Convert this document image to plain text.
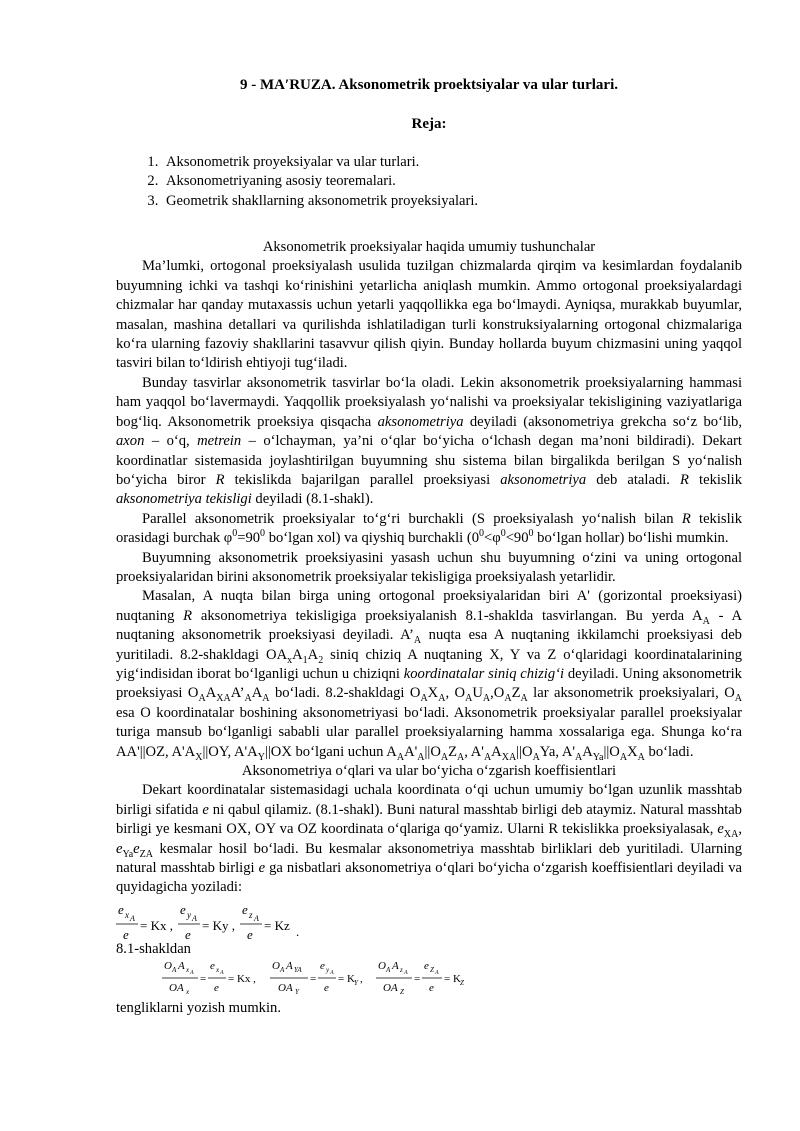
9 - MAʹRUZA. Aksonometrik proektsiyalar va ular turlari.
Reja:
1. Aksonometrik proyeksiyalar va ular turlari.
2. Aksonometriyaning asosiy teoremalari.
3. Geometrik shakllarning aksonometrik proyeksiyalari.
Aksonometrik proeksiyalar haqida umumiy tushunchalar

Ma’lumki, ortogonal proeksiyalash usulida tuzilgan chizmalarda qirqim va kesimlardan foydalanib buyumning ichki va tashqi ko‘rinishini yetarlicha aniqlash mumkin. Ammo ortogonal proeksiyalardagi chizmalar har qanday mutaxassis uchun yetarli yaqqollikka ega bo‘lmaydi. Ayniqsa, murakkab buyumlar, masalan, mashina detallari va qurilishda ishlatiladigan turli konstruksiyalarning ortogonal chizmalariga ko‘ra ularning fazoviy shakllarini tasavvur qilish qiyin. Bunday hollarda buyum chizmasini uning yaqqol tasviri bilan to‘ldirish ehtiyoji tug‘iladi.

Bunday tasvirlar aksonometrik tasvirlar bo‘la oladi. Lekin aksonometrik proeksiyalarning hammasi ham yaqqol bo‘lavermaydi. Yaqqollik proeksiyalash yo‘nalishi va proeksiyalar tekisligining vaziyatlariga bog‘liq. Aksonometrik proeksiya qisqacha aksonometriya deyiladi (aksonometriya grekcha so‘z bo‘lib, axon – o‘q, metrein – o‘lchayman, ya’ni o‘qlar bo‘yicha o‘lchash degan ma’noni bildiradi). Dekart koordinatlar sistemasida joylashtirilgan buyumning shu sistema bilan birgalikda berilgan S yo‘nalish bo‘yicha biror R tekislikda bajarilgan parallel proeksiyasi aksonometriya deb ataladi. R tekislik aksonometriya tekisligi deyiladi (8.1-shakl).

Parallel aksonometrik proeksiyalar to‘g‘ri burchakli (S proeksiyalash yo‘nalish bilan R tekislik orasidagi burchak $\varphi^0=90^0$ bo‘lgan xol) va qiyshiq burchakli ($0^0<\varphi^0<90^0$ bo‘lgan hollar) bo‘lishi mumkin.

Buyumning aksonometrik proeksiyasini yasash uchun shu buyumning o‘zini va uning ortogonal proeksiyalaridan birini aksonometrik proeksiyalar tekisligiga proeksiyalash yetarlidir.

Masalan, A nuqta bilan birga uning ortogonal proeksiyalaridan biri A' (gorizontal proeksiyasi) nuqtaning R aksonometriya tekisligiga proeksiyalanish 8.1-shaklda tasvirlangan. Bu yerda $A_A$ - A nuqtaning aksonometrik proeksiyasi deyiladi. $A’_A$ nuqta esa A nuqtaning ikkilamchi proeksiyasi deb yuritiladi. 8.2-shakldagi $OA_xA_1A_2$ siniq chiziq A nuqtaning X, Y va Z o‘qlaridagi koordinatalarining yig‘indisidan iborat bo‘lganligi uchun u chiziqni koordinatalar siniq chizig‘i deyiladi. Uning aksonometrik proeksiyasi $O_AA_{XA}A’_AA_A$ bo‘ladi. 8.2-shakldagi $O_AX_A$, $O_AU_A,O_AZ_A$ lar aksonometrik proeksiyalari, $O_A$ esa O koordinatalar boshining aksonometriyasi bo‘ladi. Aksonometrik proeksiyalar parallel proeksiyalar turiga mansub bo‘lganligi sababli ular parallel proeksiyalarning hamma xossalariga ega. Shunga ko‘ra AA'||OZ, $A'A_X||OY$, $A'A_Y||OX$ bo‘lgani uchun $A_AA'_A||O_AZ_A$, $A'_AA_{XA}||O_AYa$, $A'_AA_{Ya}||O_AX_A$ bo‘ladi.

Aksonometriya o‘qlari va ular bo‘yicha o‘zgarish koeffisientlari

Dekart koordinatalar sistemasidagi uchala koordinata o‘qi uchun umumiy bo‘lgan uzunlik masshtab birligi sifatida e ni qabul qilamiz. (8.1-shakl). Buni natural masshtab birligi deb ataymiz. Natural masshtab birligi ye kesmani OX, OY va OZ koordinata o‘qlariga qo‘yamiz. Ularni R tekislikka proeksiyalasak, $e_{XA}$, $e_{Ya}e_{ZA}$ kesmalar hosil bo‘ladi. Bu kesmalar aksonometriya masshtab birliklari deb yuritiladi. Ularning natural masshtab birligi e ga nisbatlari aksonometriya o‘qlari bo‘yicha o‘zgarish koeffisientlari deyiladi va quyidagicha yoziladi:

e x A
e
= Kx ,
e y A
e
= Ky ,
e z A
e
= Kz .

8.1-shakldan

O A A x A
OA x
=
e x A
e
= Kx ,
O A A YA
OA Y
=
e y A
e
= K Y ,
O A A z A
OA Z
=
e Z A
e
= K Z

tengliklarni yozish mumkin.
